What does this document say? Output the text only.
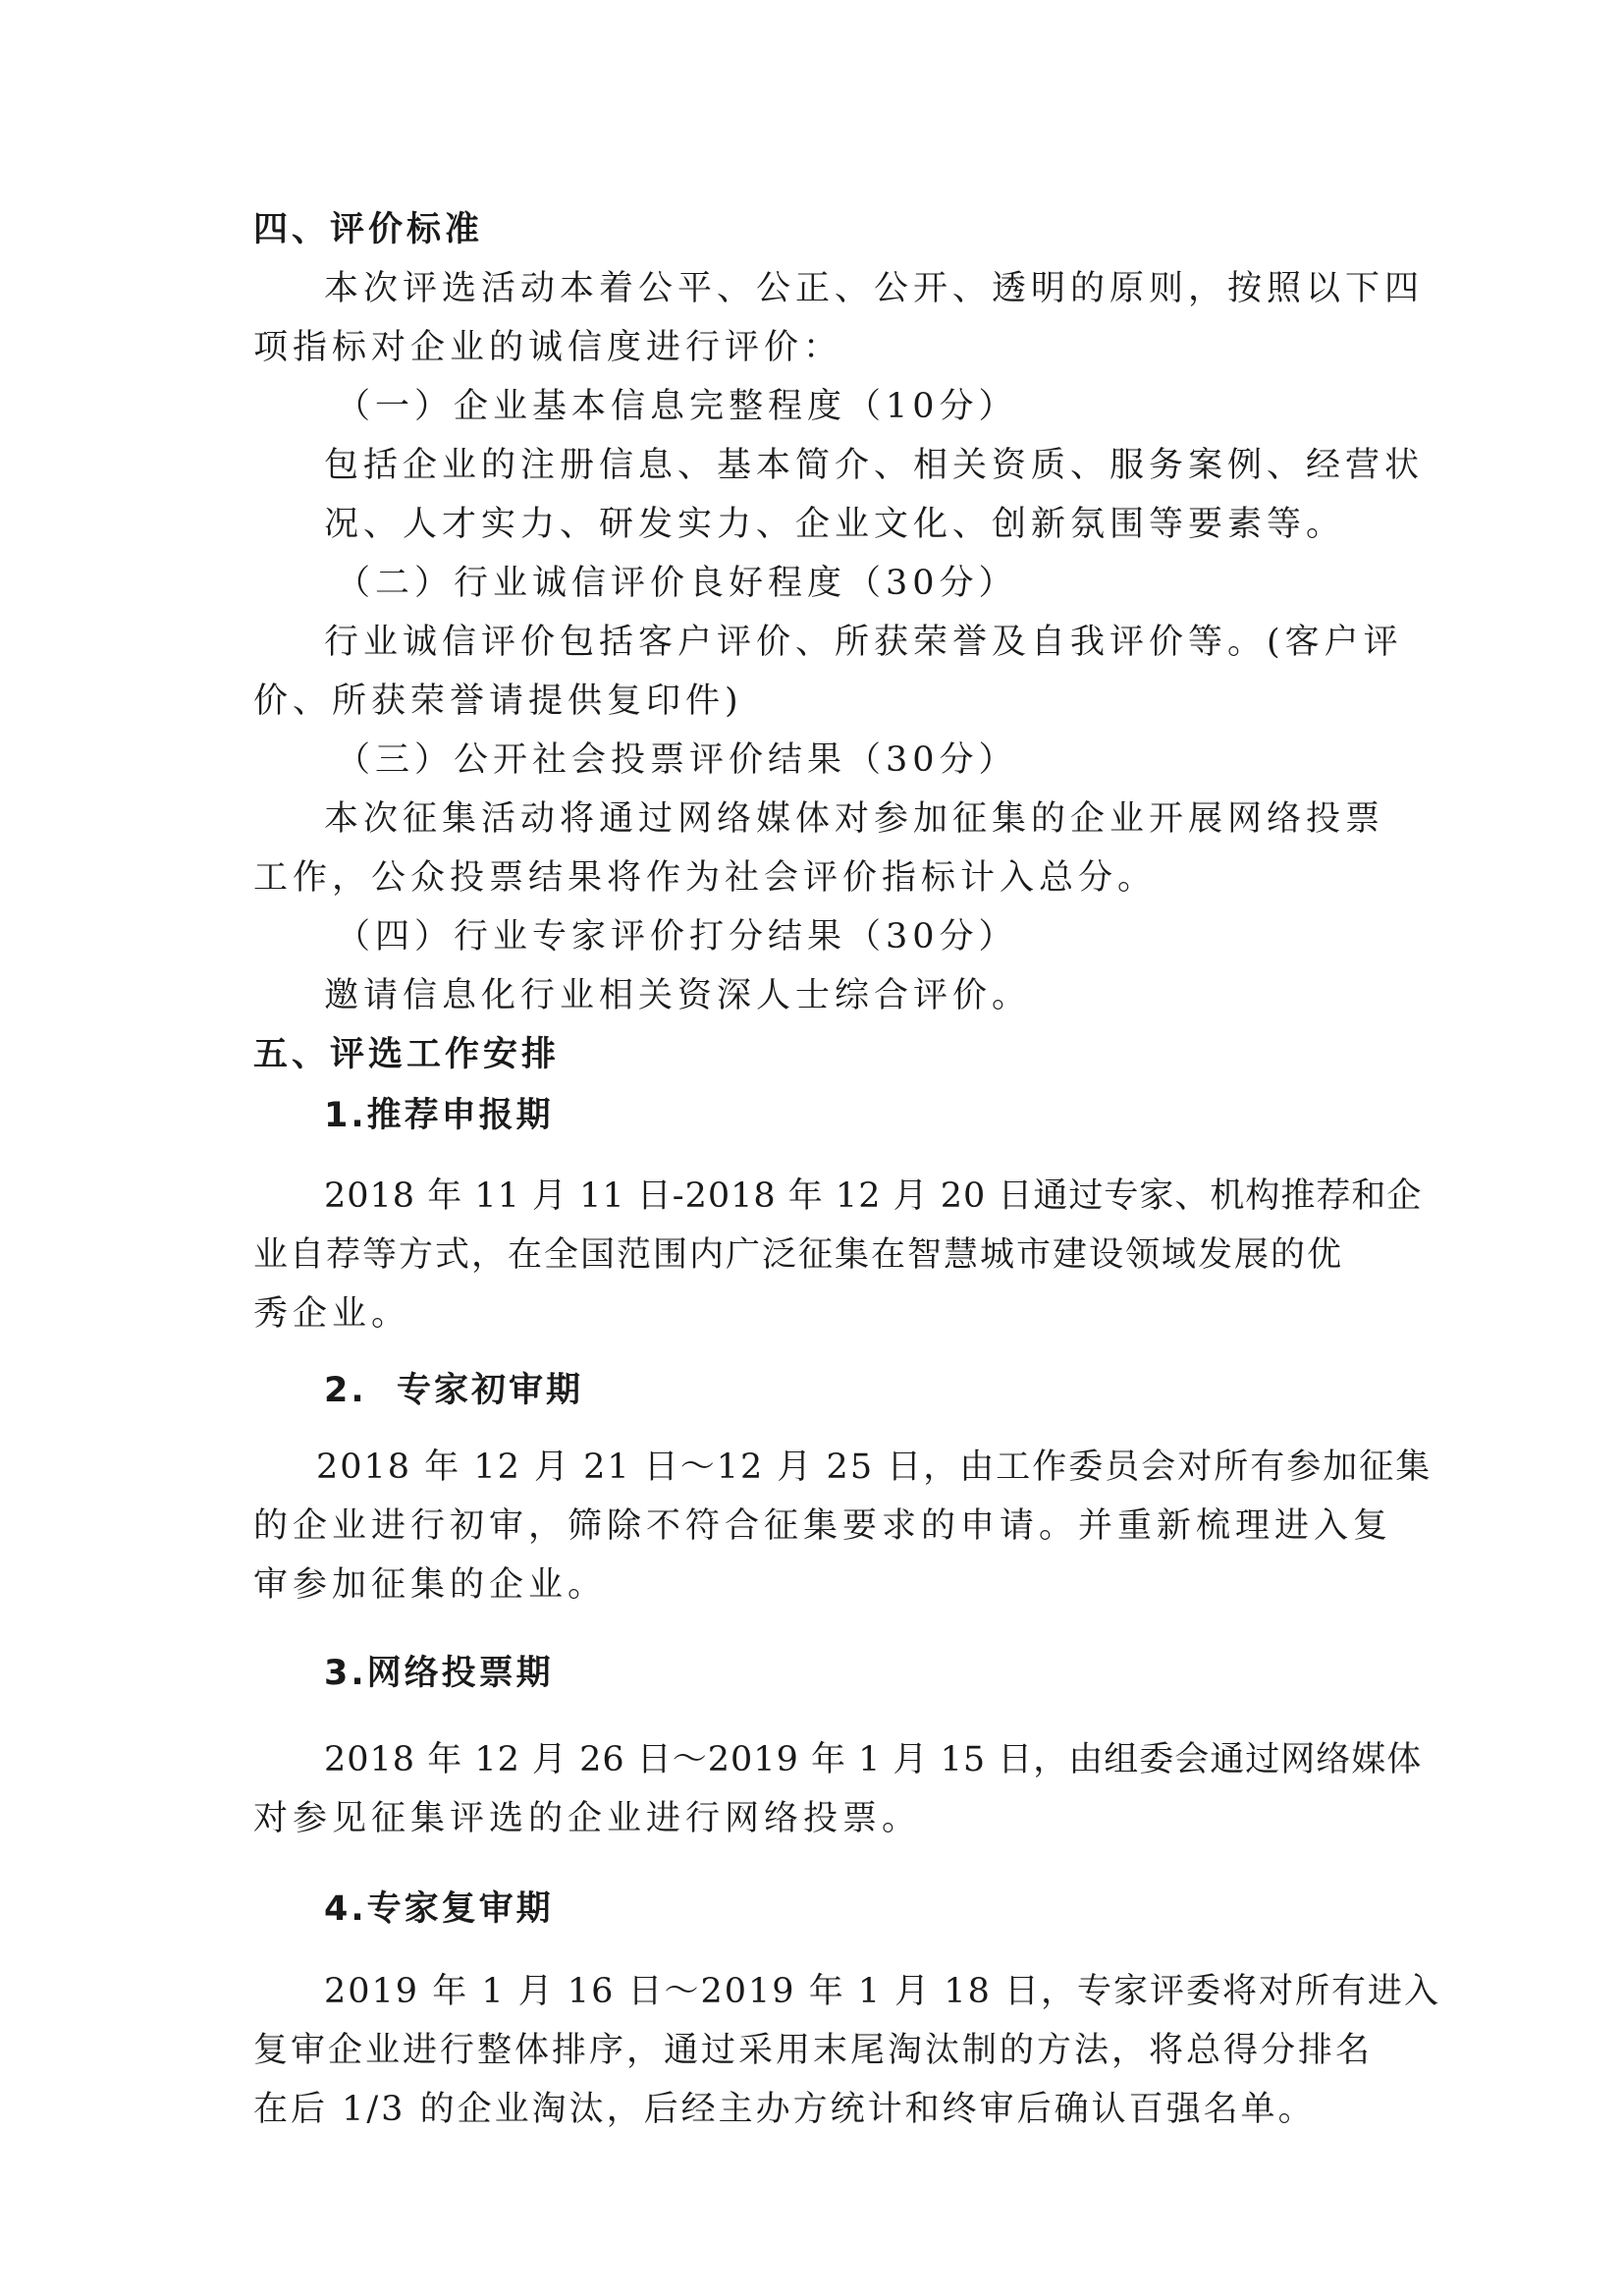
四、评价标准
本次评选活动本着公平、公正、公开、透明的原则，按照以下四
项指标对企业的诚信度进行评价：
（一）企业基本信息完整程度（10分）
包括企业的注册信息、基本简介、相关资质、服务案例、经营状
况、人才实力、研发实力、企业文化、创新氛围等要素等。
（二）行业诚信评价良好程度（30分）
行业诚信评价包括客户评价、所获荣誉及自我评价等。(客户评
价、所获荣誉请提供复印件)
（三）公开社会投票评价结果（30分）
本次征集活动将通过网络媒体对参加征集的企业开展网络投票
工作，公众投票结果将作为社会评价指标计入总分。
（四）行业专家评价打分结果（30分）
邀请信息化行业相关资深人士综合评价。
五、评选工作安排
1.推荐申报期
2018 年 11 月 11 日-2018 年 12 月 20 日通过专家、机构推荐和企
业自荐等方式，在全国范围内广泛征集在智慧城市建设领域发展的优
秀企业。
2.  专家初审期
2018 年 12 月 21 日～12 月 25 日，由工作委员会对所有参加征集
的企业进行初审，筛除不符合征集要求的申请。并重新梳理进入复
审参加征集的企业。
3.网络投票期
2018 年 12 月 26 日～2019 年 1 月 15 日，由组委会通过网络媒体
对参见征集评选的企业进行网络投票。
4.专家复审期
2019 年 1 月 16 日～2019 年 1 月 18 日，专家评委将对所有进入
复审企业进行整体排序，通过采用末尾淘汰制的方法，将总得分排名
在后 1/3 的企业淘汰，后经主办方统计和终审后确认百强名单。
